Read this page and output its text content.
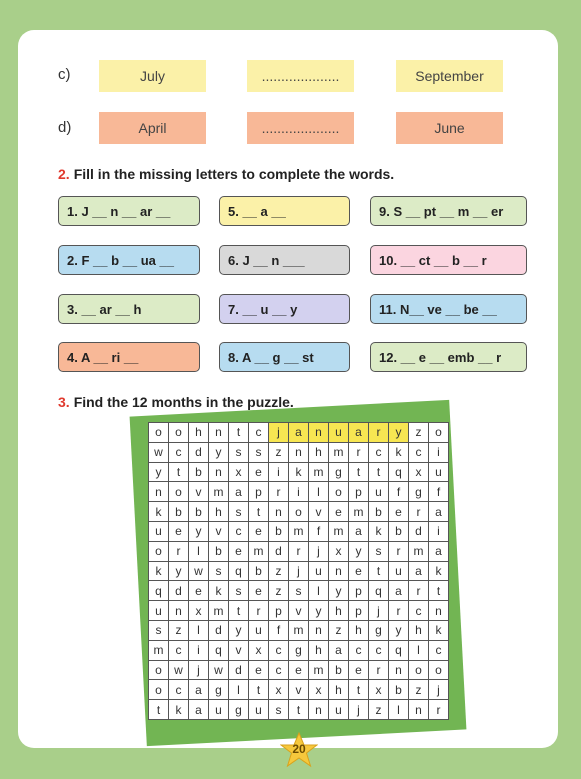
c)	July	....................	September
d)	April	....................	June
2. Fill in the missing letters to complete the words.
1. J __ n __ ar __	5. __ a __	9. S __ pt __ m __ er
2. F __ b __ ua __	6. J __ n ___	10. __ ct __ b __ r
3. __ ar __ h	7. __ u __ y	11. N__ ve __ be __
4. A __ ri __	8. A __ g __ st	12. __ e __ emb __ r
3. Find the 12 months in the puzzle.
o	o	h	n	t	c	j	a	n	u	a	r	y	z	o
w	c	d	y	s	s	z	n	h	m	r	c	k	c	i
y	t	b	n	x	e	i	k	m	g	t	t	q	x	u
n	o	v	m	a	p	r	i	l	o	p	u	f	g	f
k	b	b	h	s	t	n	o	v	e	m	b	e	r	a
u	e	y	v	c	e	b	m	f	m	a	k	b	d	i
o	r	l	b	e	m	d	r	j	x	y	s	r	m	a
k	y	w	s	q	b	z	j	u	n	e	t	u	a	k
q	d	e	k	s	e	z	s	l	y	p	q	a	r	t
u	n	x	m	t	r	p	v	y	h	p	j	r	c	n
s	z	l	d	y	u	f	m	n	z	h	g	y	h	k
m	c	i	q	v	x	c	g	h	a	c	c	q	l	c
o	w	j	w	d	e	c	e	m	b	e	r	n	o	o
o	c	a	g	l	t	x	v	x	h	t	x	b	z	j
t	k	a	u	g	u	s	t	n	u	j	z	l	n	r
20
